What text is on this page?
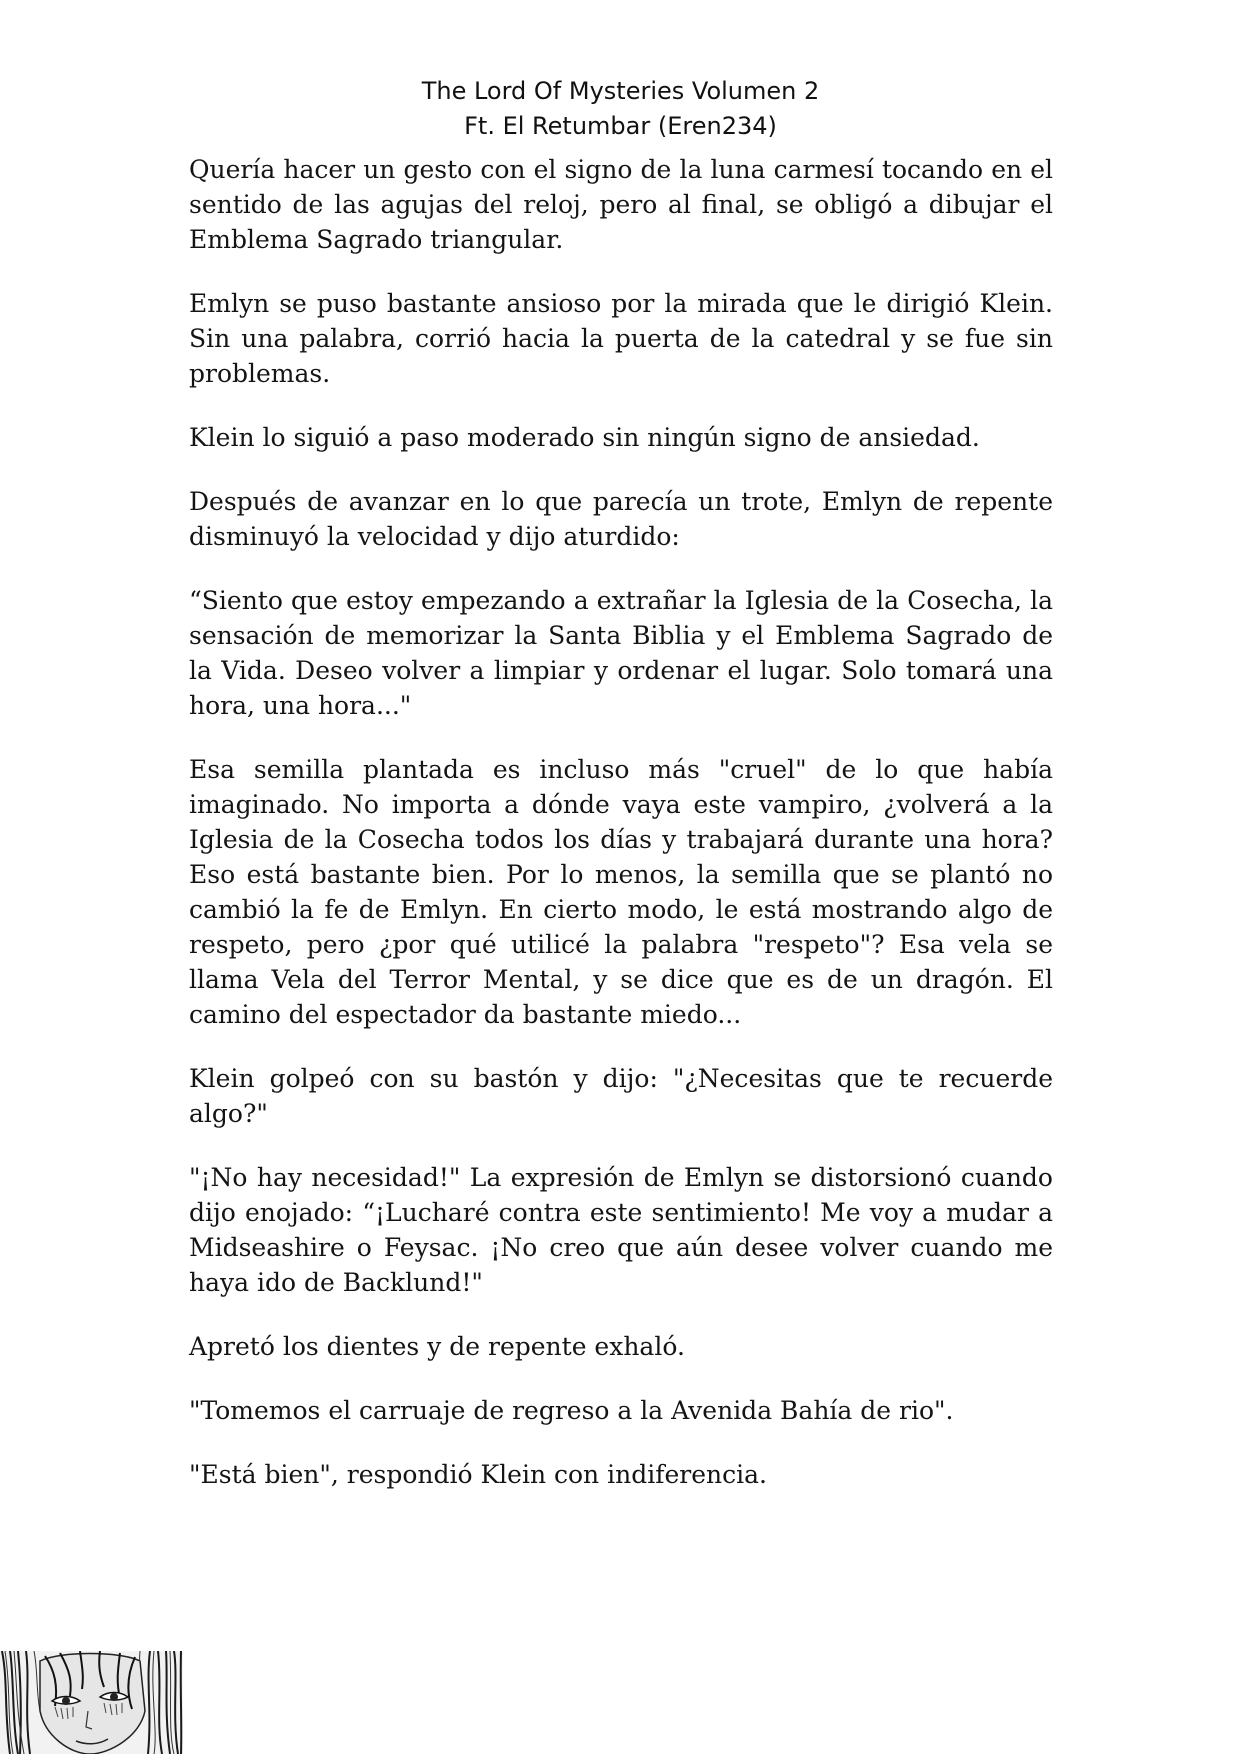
The Lord Of Mysteries Volumen 2
Ft. El Retumbar (Eren234)

Quería hacer un gesto con el signo de la luna carmesí tocando en el sentido de las agujas del reloj, pero al final, se obligó a dibujar el Emblema Sagrado triangular.

Emlyn se puso bastante ansioso por la mirada que le dirigió Klein. Sin una palabra, corrió hacia la puerta de la catedral y se fue sin problemas.

Klein lo siguió a paso moderado sin ningún signo de ansiedad.

Después de avanzar en lo que parecía un trote, Emlyn de repente disminuyó la velocidad y dijo aturdido:

“Siento que estoy empezando a extrañar la Iglesia de la Cosecha, la sensación de memorizar la Santa Biblia y el Emblema Sagrado de la Vida. Deseo volver a limpiar y ordenar el lugar. Solo tomará una hora, una hora..."

Esa semilla plantada es incluso más "cruel" de lo que había imaginado. No importa a dónde vaya este vampiro, ¿volverá a la Iglesia de la Cosecha todos los días y trabajará durante una hora? Eso está bastante bien. Por lo menos, la semilla que se plantó no cambió la fe de Emlyn. En cierto modo, le está mostrando algo de respeto, pero ¿por qué utilicé la palabra "respeto"? Esa vela se llama Vela del Terror Mental, y se dice que es de un dragón. El camino del espectador da bastante miedo...

Klein golpeó con su bastón y dijo: "¿Necesitas que te recuerde algo?"

"¡No hay necesidad!" La expresión de Emlyn se distorsionó cuando dijo enojado: “¡Lucharé contra este sentimiento! Me voy a mudar a Midseashire o Feysac. ¡No creo que aún desee volver cuando me haya ido de Backlund!"

Apretó los dientes y de repente exhaló.

"Tomemos el carruaje de regreso a la Avenida Bahía de rio".

"Está bien", respondió Klein con indiferencia.
